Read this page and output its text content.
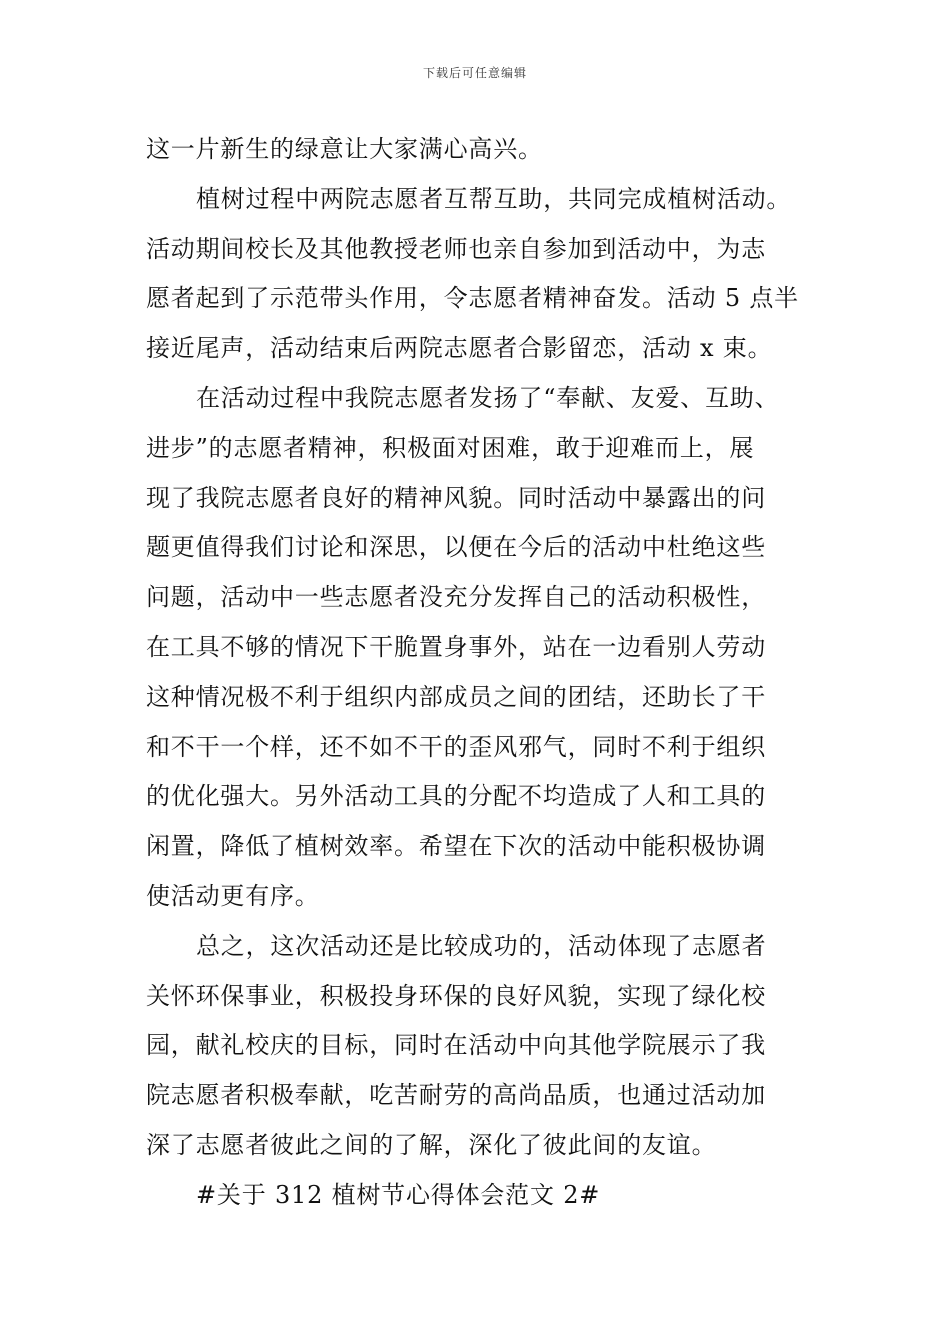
下载后可任意编辑
这一片新生的绿意让大家满心高兴。
植树过程中两院志愿者互帮互助，共同完成植树活动。
活动期间校长及其他教授老师也亲自参加到活动中，为志
愿者起到了示范带头作用，令志愿者精神奋发。活动 5 点半
接近尾声，活动结束后两院志愿者合影留恋，活动 x 束。
在活动过程中我院志愿者发扬了“奉献、友爱、互助、
进步”的志愿者精神，积极面对困难，敢于迎难而上，展
现了我院志愿者良好的精神风貌。同时活动中暴露出的问
题更值得我们讨论和深思，以便在今后的活动中杜绝这些
问题，活动中一些志愿者没充分发挥自己的活动积极性，
在工具不够的情况下干脆置身事外，站在一边看别人劳动
这种情况极不利于组织内部成员之间的团结，还助长了干
和不干一个样，还不如不干的歪风邪气，同时不利于组织
的优化强大。另外活动工具的分配不均造成了人和工具的
闲置，降低了植树效率。希望在下次的活动中能积极协调
使活动更有序。
总之，这次活动还是比较成功的，活动体现了志愿者
关怀环保事业，积极投身环保的良好风貌，实现了绿化校
园，献礼校庆的目标，同时在活动中向其他学院展示了我
院志愿者积极奉献，吃苦耐劳的高尚品质，也通过活动加
深了志愿者彼此之间的了解，深化了彼此间的友谊。
#关于 312 植树节心得体会范文 2#
